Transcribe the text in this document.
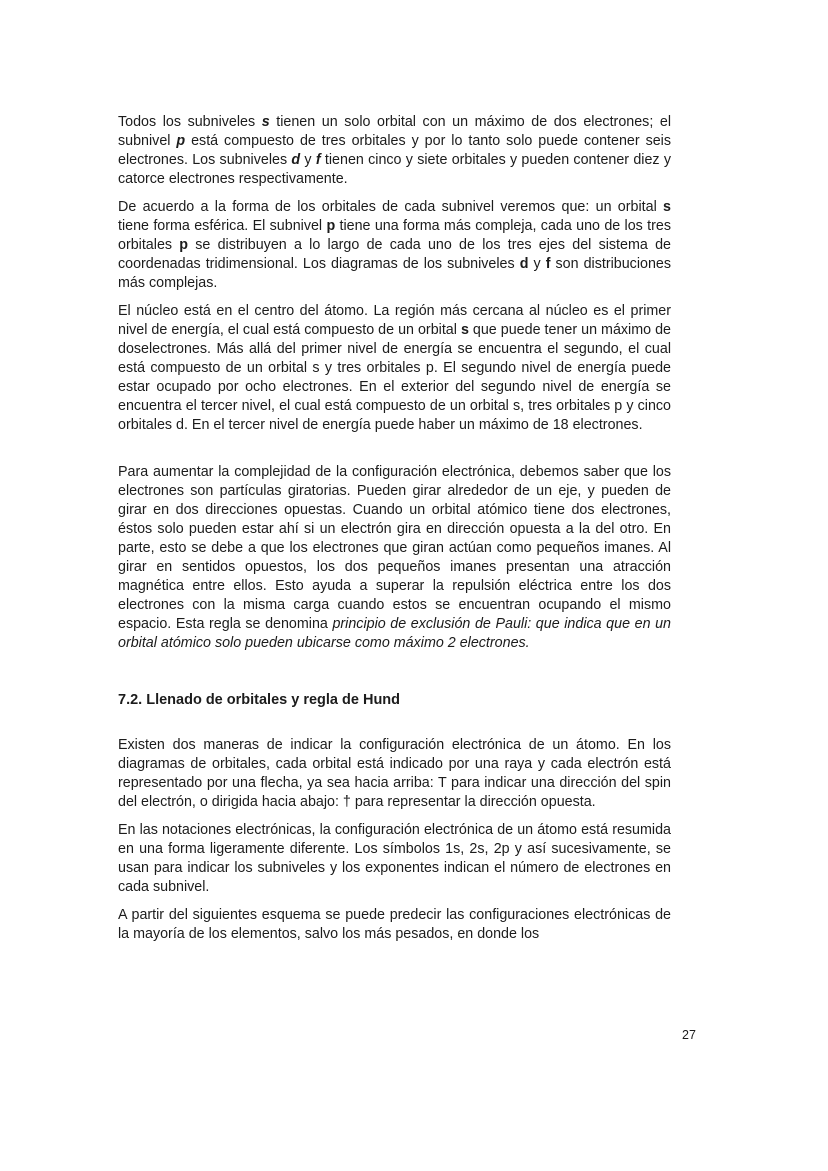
Todos los subniveles s tienen un solo orbital con un máximo de dos electrones; el subnivel p está compuesto de tres orbitales y por lo tanto solo puede contener seis electrones. Los subniveles d y f tienen cinco y siete orbitales y pueden contener diez y catorce electrones respectivamente.

De acuerdo a la forma de los orbitales de cada subnivel veremos que: un orbital s tiene forma esférica. El subnivel p tiene una forma más compleja, cada uno de los tres orbitales p se distribuyen a lo largo de cada uno de los tres ejes del sistema de coordenadas tridimensional. Los diagramas de los subniveles d y f son distribuciones más complejas.

El núcleo está en el centro del átomo. La región más cercana al núcleo es el primer nivel de energía, el cual está compuesto de un orbital s que puede tener un máximo de doselectrones. Más allá del primer nivel de energía se encuentra el segundo, el cual está compuesto de un orbital s y tres orbitales p. El segundo nivel de energía puede estar ocupado por ocho electrones. En el exterior del segundo nivel de energía se encuentra el tercer nivel, el cual está compuesto de un orbital s, tres orbitales p y cinco orbitales d. En el tercer nivel de energía puede haber un máximo de 18 electrones.

Para aumentar la complejidad de la configuración electrónica, debemos saber que los electrones son partículas giratorias. Pueden girar alrededor de un eje, y pueden de girar en dos direcciones opuestas. Cuando un orbital atómico tiene dos electrones, éstos solo pueden estar ahí si un electrón gira en dirección opuesta a la del otro. En parte, esto se debe a que los electrones que giran actúan como pequeños imanes. Al girar en sentidos opuestos, los dos pequeños imanes presentan una atracción magnética entre ellos. Esto ayuda a superar la repulsión eléctrica entre los dos electrones con la misma carga cuando estos se encuentran ocupando el mismo espacio. Esta regla se denomina principio de exclusión de Pauli: que indica que en un orbital atómico solo pueden ubicarse como máximo 2 electrones.

7.2. Llenado de orbitales y regla de Hund

Existen dos maneras de indicar la configuración electrónica de un átomo. En los diagramas de orbitales, cada orbital está indicado por una raya y cada electrón está representado por una flecha, ya sea hacia arriba: T para indicar una dirección del spin del electrón, o dirigida hacia abajo: † para representar la dirección opuesta.

En las notaciones electrónicas, la configuración electrónica de un átomo está resumida en una forma ligeramente diferente. Los símbolos 1s, 2s, 2p y así sucesivamente, se usan para indicar los subniveles y los exponentes indican el número de electrones en cada subnivel.

A partir del siguientes esquema se puede predecir las configuraciones electrónicas de la mayoría de los elementos, salvo los más pesados, en donde los

27
